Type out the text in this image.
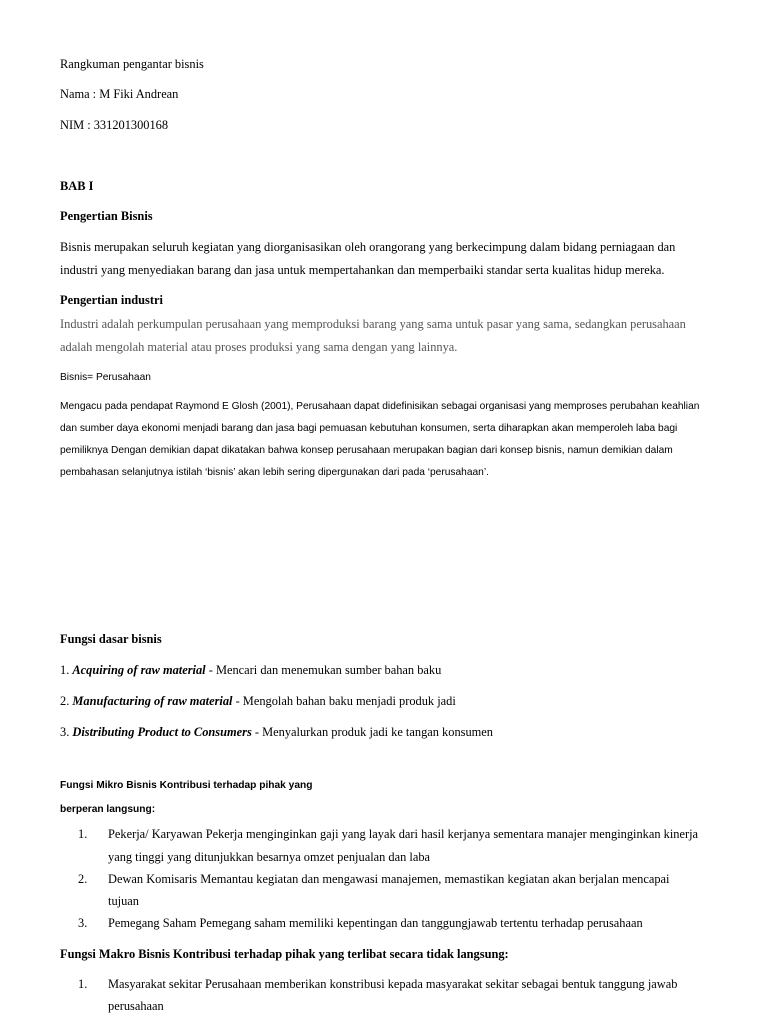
Rangkuman pengantar bisnis
Nama : M Fiki Andrean
NIM : 331201300168
BAB I
Pengertian Bisnis
Bisnis merupakan seluruh kegiatan yang diorganisasikan oleh orangorang yang berkecimpung dalam bidang perniagaan dan
industri yang menyediakan barang dan jasa untuk mempertahankan dan memperbaiki standar serta kualitas hidup mereka.
Pengertian industri
Industri adalah perkumpulan perusahaan yang memproduksi barang yang sama untuk pasar yang sama, sedangkan perusahaan
adalah mengolah material atau proses produksi yang sama dengan yang lainnya.
Bisnis= Perusahaan
Mengacu pada pendapat Raymond E Glosh (2001), Perusahaan dapat didefinisikan sebagai organisasi yang memproses perubahan keahlian
dan sumber daya ekonomi menjadi barang dan jasa bagi pemuasan kebutuhan konsumen, serta diharapkan akan memperoleh laba bagi
pemiliknya Dengan demikian dapat dikatakan bahwa konsep perusahaan merupakan bagian dari konsep bisnis, namun demikian dalam
pembahasan selanjutnya istilah ‘bisnis’ akan lebih sering dipergunakan dari pada ‘perusahaan’.
Fungsi dasar bisnis
1. Acquiring of raw material - Mencari dan menemukan sumber bahan baku
2. Manufacturing of raw material - Mengolah bahan baku menjadi produk jadi
3. Distributing Product to Consumers - Menyalurkan produk jadi ke tangan konsumen
Fungsi Mikro Bisnis Kontribusi terhadap pihak yang
berperan langsung:
1. Pekerja/ Karyawan Pekerja menginginkan gaji yang layak dari hasil kerjanya sementara manajer menginginkan kinerja
yang tinggi yang ditunjukkan besarnya omzet penjualan dan laba
2. Dewan Komisaris Memantau kegiatan dan mengawasi manajemen, memastikan kegiatan akan berjalan mencapai
tujuan
3. Pemegang Saham Pemegang saham memiliki kepentingan dan tanggungjawab tertentu terhadap perusahaan
Fungsi Makro Bisnis Kontribusi terhadap pihak yang terlibat secara tidak langsung:
1. Masyarakat sekitar Perusahaan memberikan konstribusi kepada masyarakat sekitar sebagai bentuk tanggung jawab
perusahaan
